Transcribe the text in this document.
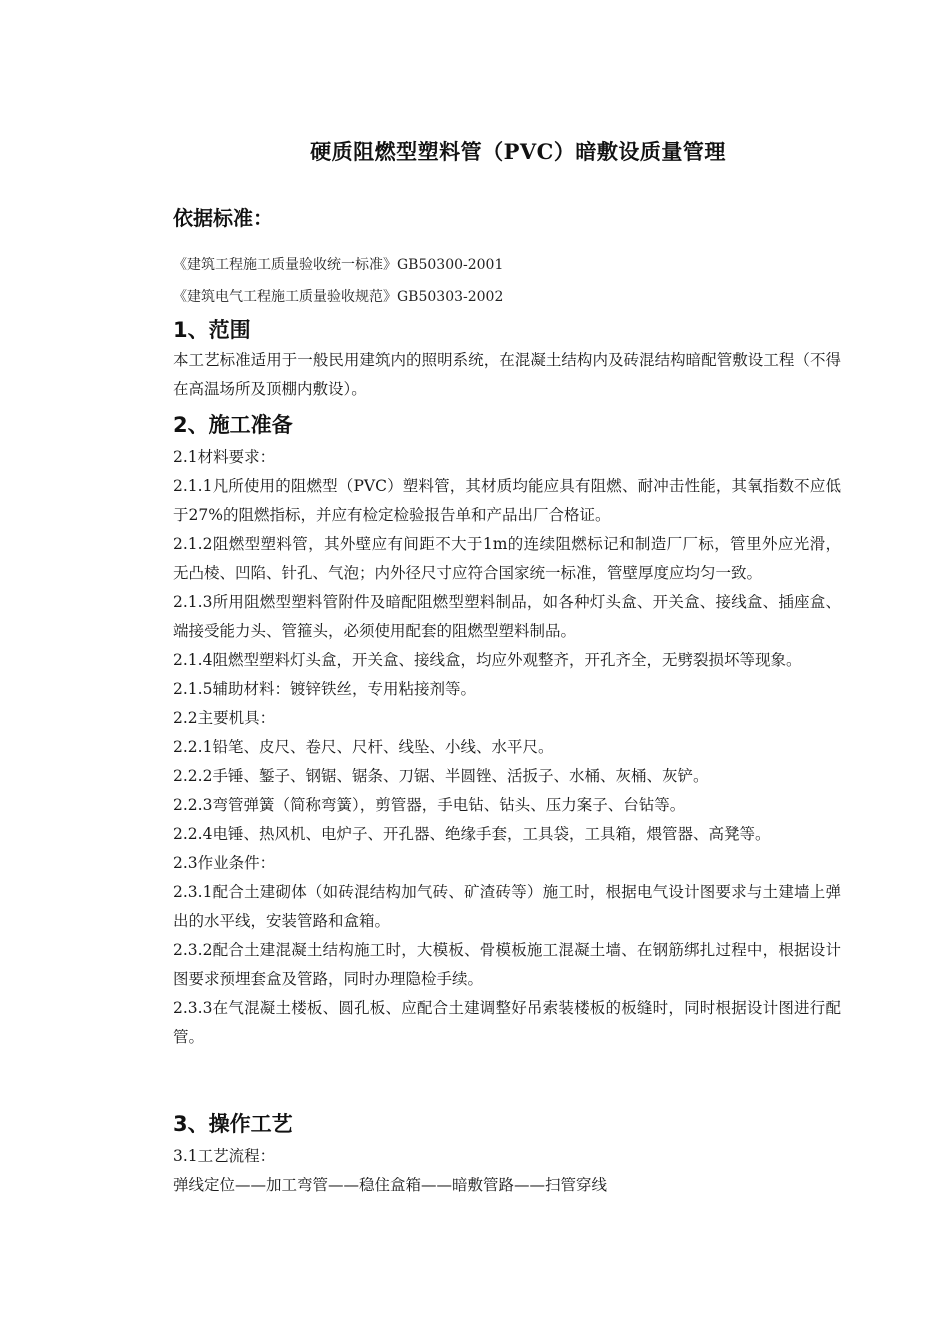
硬质阻燃型塑料管（PVC）暗敷设质量管理
依据标准：
《建筑工程施工质量验收统一标准》GB50300-2001
《建筑电气工程施工质量验收规范》GB50303-2002
1、范围

本工艺标准适用于一般民用建筑内的照明系统，在混凝土结构内及砖混结构暗配管敷设工程（不得在高温场所及顶棚内敷设）。

2、施工准备

2.1材料要求：

2.1.1凡所使用的阻燃型（PVC）塑料管，其材质均能应具有阻燃、耐冲击性能，其氧指数不应低于27%的阻燃指标，并应有检定检验报告单和产品出厂合格证。

2.1.2阻燃型塑料管，其外壁应有间距不大于1m的连续阻燃标记和制造厂厂标，管里外应光滑，无凸棱、凹陷、针孔、气泡；内外径尺寸应符合国家统一标准，管壁厚度应均匀一致。

2.1.3所用阻燃型塑料管附件及暗配阻燃型塑料制品，如各种灯头盒、开关盒、接线盒、插座盒、端接受能力头、管箍头，必须使用配套的阻燃型塑料制品。

2.1.4阻燃型塑料灯头盒，开关盒、接线盒，均应外观整齐，开孔齐全，无劈裂损坏等现象。

2.1.5辅助材料：镀锌铁丝，专用粘接剂等。

2.2主要机具：

2.2.1铅笔、皮尺、卷尺、尺杆、线坠、小线、水平尺。

2.2.2手锤、錾子、钢锯、锯条、刀锯、半圆锉、活扳子、水桶、灰桶、灰铲。

2.2.3弯管弹簧（简称弯簧），剪管器，手电钻、钻头、压力案子、台钻等。

2.2.4电锤、热风机、电炉子、开孔器、绝缘手套，工具袋，工具箱，煨管器、高凳等。

2.3作业条件：

2.3.1配合土建砌体（如砖混结构加气砖、矿渣砖等）施工时，根据电气设计图要求与土建墙上弹出的水平线，安装管路和盒箱。

2.3.2配合土建混凝土结构施工时，大模板、骨模板施工混凝土墙、在钢筋绑扎过程中，根据设计图要求预埋套盒及管路，同时办理隐检手续。

2.3.3在气混凝土楼板、圆孔板、应配合土建调整好吊索装楼板的板缝时，同时根据设计图进行配管。

3、操作工艺

3.1工艺流程：

弹线定位——加工弯管——稳住盒箱——暗敷管路——扫管穿线
